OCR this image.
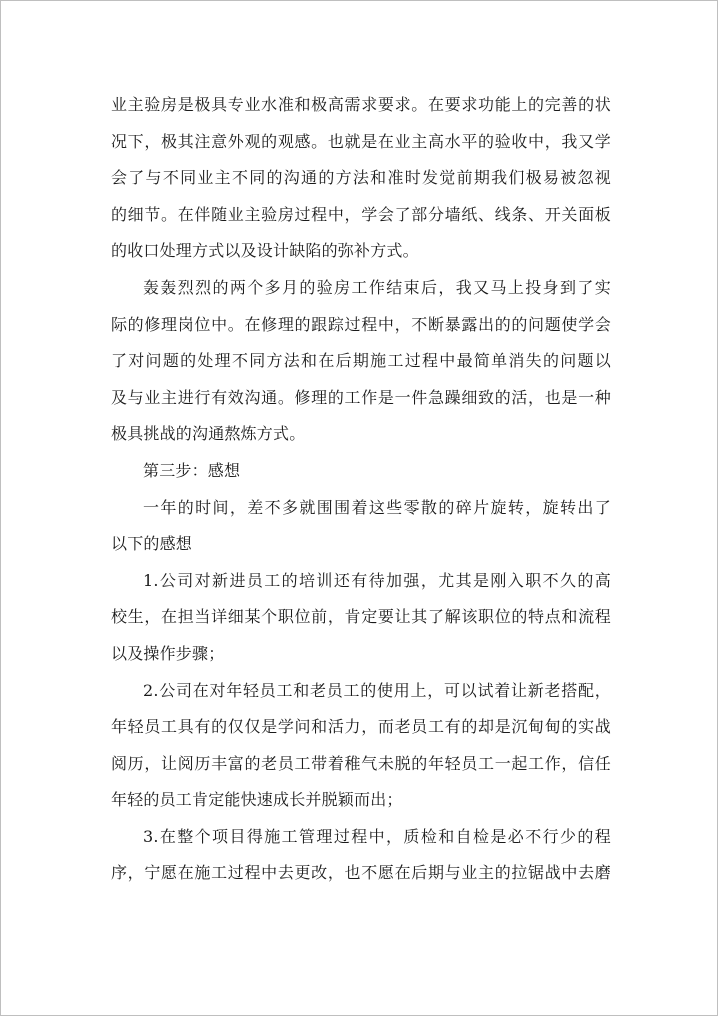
业主验房是极具专业水准和极高需求要求。在要求功能上的完善的状
况下，极其注意外观的观感。也就是在业主高水平的验收中，我又学
会了与不同业主不同的沟通的方法和准时发觉前期我们极易被忽视
的细节。在伴随业主验房过程中，学会了部分墙纸、线条、开关面板
的收口处理方式以及设计缺陷的弥补方式。

轰轰烈烈的两个多月的验房工作结束后，我又马上投身到了实
际的修理岗位中。在修理的跟踪过程中，不断暴露出的的问题使学会
了对问题的处理不同方法和在后期施工过程中最简单消失的问题以
及与业主进行有效沟通。修理的工作是一件急躁细致的活，也是一种
极具挑战的沟通熬炼方式。

第三步：感想

一年的时间，差不多就围围着这些零散的碎片旋转，旋转出了
以下的感想

1.公司对新进员工的培训还有待加强，尤其是刚入职不久的高
校生，在担当详细某个职位前，肯定要让其了解该职位的特点和流程
以及操作步骤；

2.公司在对年轻员工和老员工的使用上，可以试着让新老搭配，
年轻员工具有的仅仅是学问和活力，而老员工有的却是沉甸甸的实战
阅历，让阅历丰富的老员工带着稚气未脱的年轻员工一起工作，信任
年轻的员工肯定能快速成长并脱颖而出；

3.在整个项目得施工管理过程中，质检和自检是必不行少的程
序，宁愿在施工过程中去更改，也不愿在后期与业主的拉锯战中去磨
